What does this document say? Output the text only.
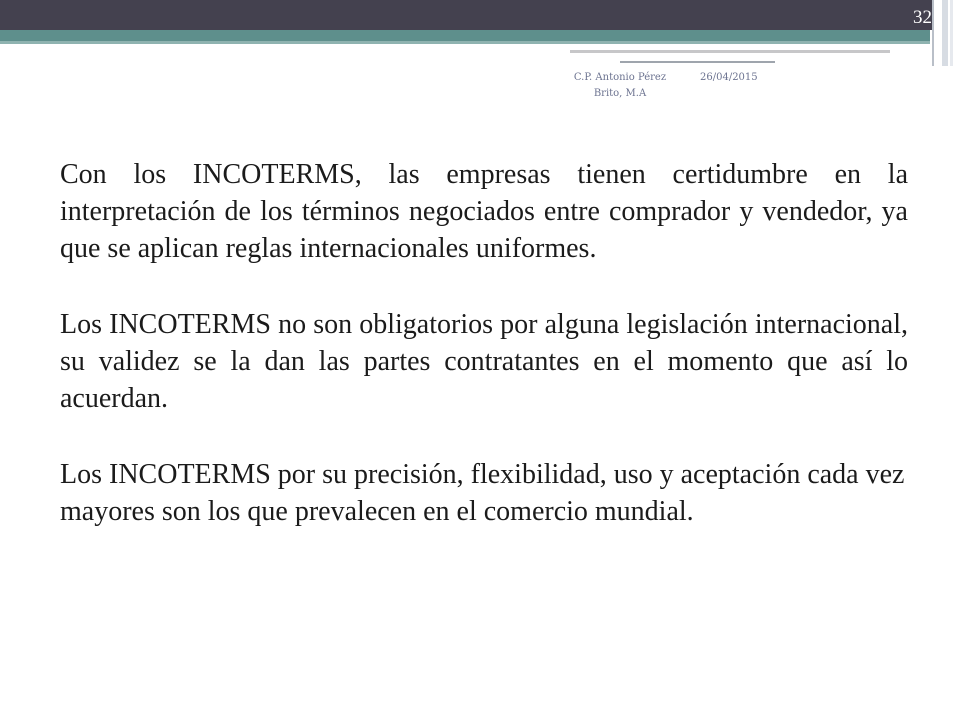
32
C.P. Antonio Pérez Brito, M.A
26/04/2015

Con los INCOTERMS, las empresas tienen certidumbre en la interpretación de los términos negociados entre comprador y vendedor, ya que se aplican reglas internacionales uniformes.

Los INCOTERMS no son obligatorios por alguna legislación internacional, su validez se la dan las partes contratantes en el momento que así lo acuerdan.

Los INCOTERMS por su precisión, flexibilidad, uso y aceptación cada vez mayores son los que prevalecen en el comercio mundial.
